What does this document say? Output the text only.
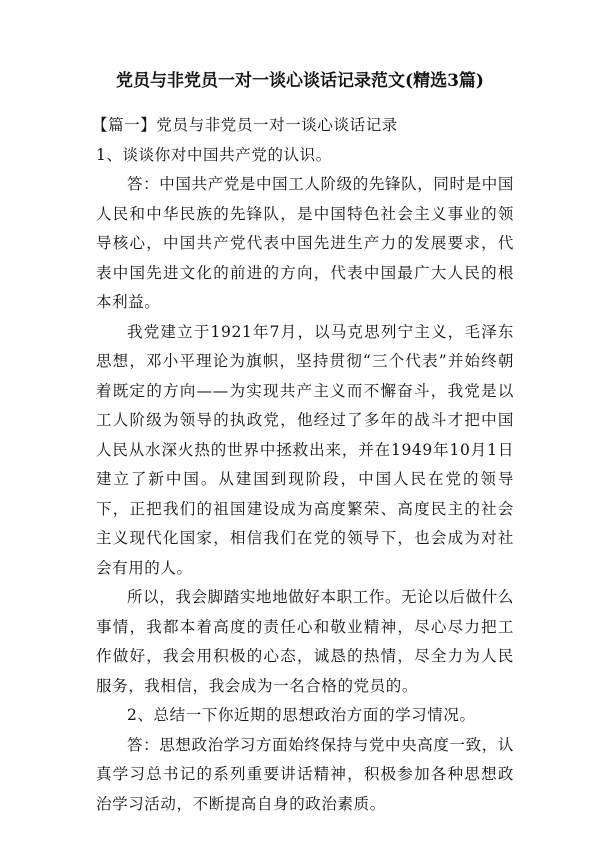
党员与非党员一对一谈心谈话记录范文(精选3篇)

【篇一】党员与非党员一对一谈心谈话记录

1、谈谈你对中国共产党的认识。

答：中国共产党是中国工人阶级的先锋队，同时是中国人民和中华民族的先锋队，是中国特色社会主义事业的领导核心，中国共产党代表中国先进生产力的发展要求，代表中国先进文化的前进的方向，代表中国最广大人民的根本利益。

我党建立于1921年7月，以马克思列宁主义，毛泽东思想，邓小平理论为旗帜，坚持贯彻“三个代表”并始终朝着既定的方向——为实现共产主义而不懈奋斗，我党是以工人阶级为领导的执政党，他经过了多年的战斗才把中国人民从水深火热的世界中拯救出来，并在1949年10月1日建立了新中国。从建国到现阶段，中国人民在党的领导下，正把我们的祖国建设成为高度繁荣、高度民主的社会主义现代化国家，相信我们在党的领导下，也会成为对社会有用的人。

所以，我会脚踏实地地做好本职工作。无论以后做什么事情，我都本着高度的责任心和敬业精神，尽心尽力把工作做好，我会用积极的心态，诚恳的热情，尽全力为人民服务，我相信，我会成为一名合格的党员的。

2、总结一下你近期的思想政治方面的学习情况。

答：思想政治学习方面始终保持与党中央高度一致，认真学习总书记的系列重要讲话精神，积极参加各种思想政治学习活动，不断提高自身的政治素质。
